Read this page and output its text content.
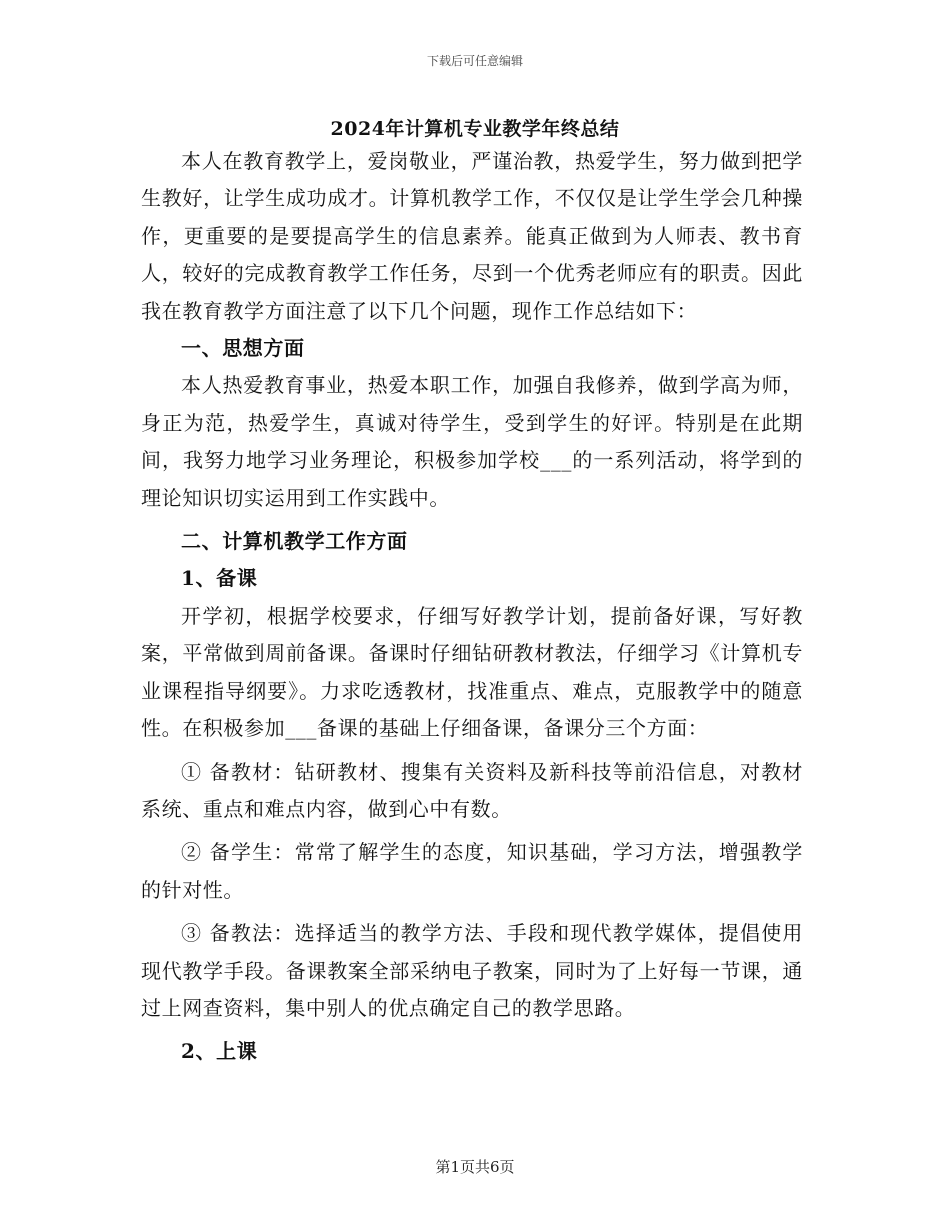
下载后可任意编辑
2024年计算机专业教学年终总结

本人在教育教学上，爱岗敬业，严谨治教，热爱学生，努力做到把学生教好，让学生成功成才。计算机教学工作，不仅仅是让学生学会几种操作，更重要的是要提高学生的信息素养。能真正做到为人师表、教书育人，较好的完成教育教学工作任务，尽到一个优秀老师应有的职责。因此我在教育教学方面注意了以下几个问题，现作工作总结如下：

一、思想方面

本人热爱教育事业，热爱本职工作，加强自我修养，做到学高为师，身正为范，热爱学生，真诚对待学生，受到学生的好评。特别是在此期间，我努力地学习业务理论，积极参加学校___的一系列活动，将学到的理论知识切实运用到工作实践中。

二、计算机教学工作方面

1、备课

开学初，根据学校要求，仔细写好教学计划，提前备好课，写好教案，平常做到周前备课。备课时仔细钻研教材教法，仔细学习《计算机专业课程指导纲要》。力求吃透教材，找准重点、难点，克服教学中的随意性。在积极参加___备课的基础上仔细备课，备课分三个方面：

① 备教材：钻研教材、搜集有关资料及新科技等前沿信息，对教材系统、重点和难点内容，做到心中有数。

② 备学生：常常了解学生的态度，知识基础，学习方法，增强教学的针对性。

③ 备教法：选择适当的教学方法、手段和现代教学媒体，提倡使用现代教学手段。备课教案全部采纳电子教案，同时为了上好每一节课，通过上网查资料，集中别人的优点确定自己的教学思路。

2、上课

第1页共6页
